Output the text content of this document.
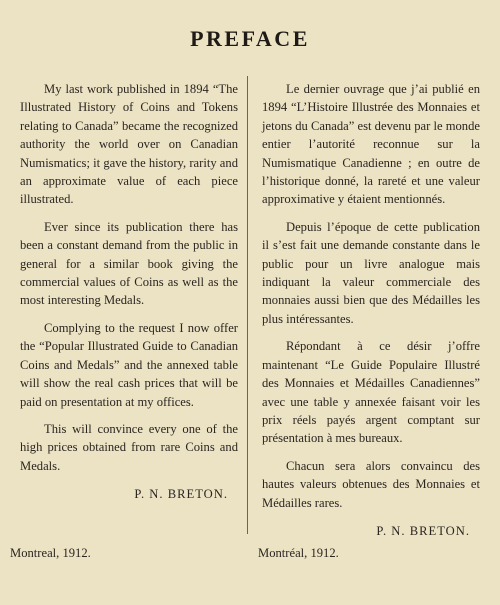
PREFACE

My last work published in 1894 “The Illustrated History of Coins and Tokens relating to Canada” became the recognized authority the world over on Canadian Numismatics; it gave the history, rarity and an approximate value of each piece illustrated.

Ever since its publication there has been a constant demand from the public in general for a similar book giving the commercial values of Coins as well as the most interesting Medals.

Complying to the request I now offer the “Popular Illustrated Guide to Canadian Coins and Medals” and the annexed table will show the real cash prices that will be paid on presentation at my offices.

This will convince every one of the high prices obtained from rare Coins and Medals.

P. N. BRETON.

Le dernier ouvrage que j’ai publié en 1894 “L’Histoire Illustrée des Monnaies et jetons du Canada” est devenu par le monde entier l’autorité reconnue sur la Numismatique Canadienne ; en outre de l’historique donné, la rareté et une valeur approximative y étaient mentionnés.

Depuis l’époque de cette publication il s’est fait une demande constante dans le public pour un livre analogue mais indiquant la valeur commerciale des monnaies aussi bien que des Médailles les plus intéressantes.

Répondant à ce désir j’offre maintenant “Le Guide Populaire Illustré des Monnaies et Médailles Canadiennes” avec une table y annexée faisant voir les prix réels payés argent comptant sur présentation à mes bureaux.

Chacun sera alors convaincu des hautes valeurs obtenues des Monnaies et Médailles rares.

P. N. BRETON.
Montreal, 1912.	Montréal, 1912.
